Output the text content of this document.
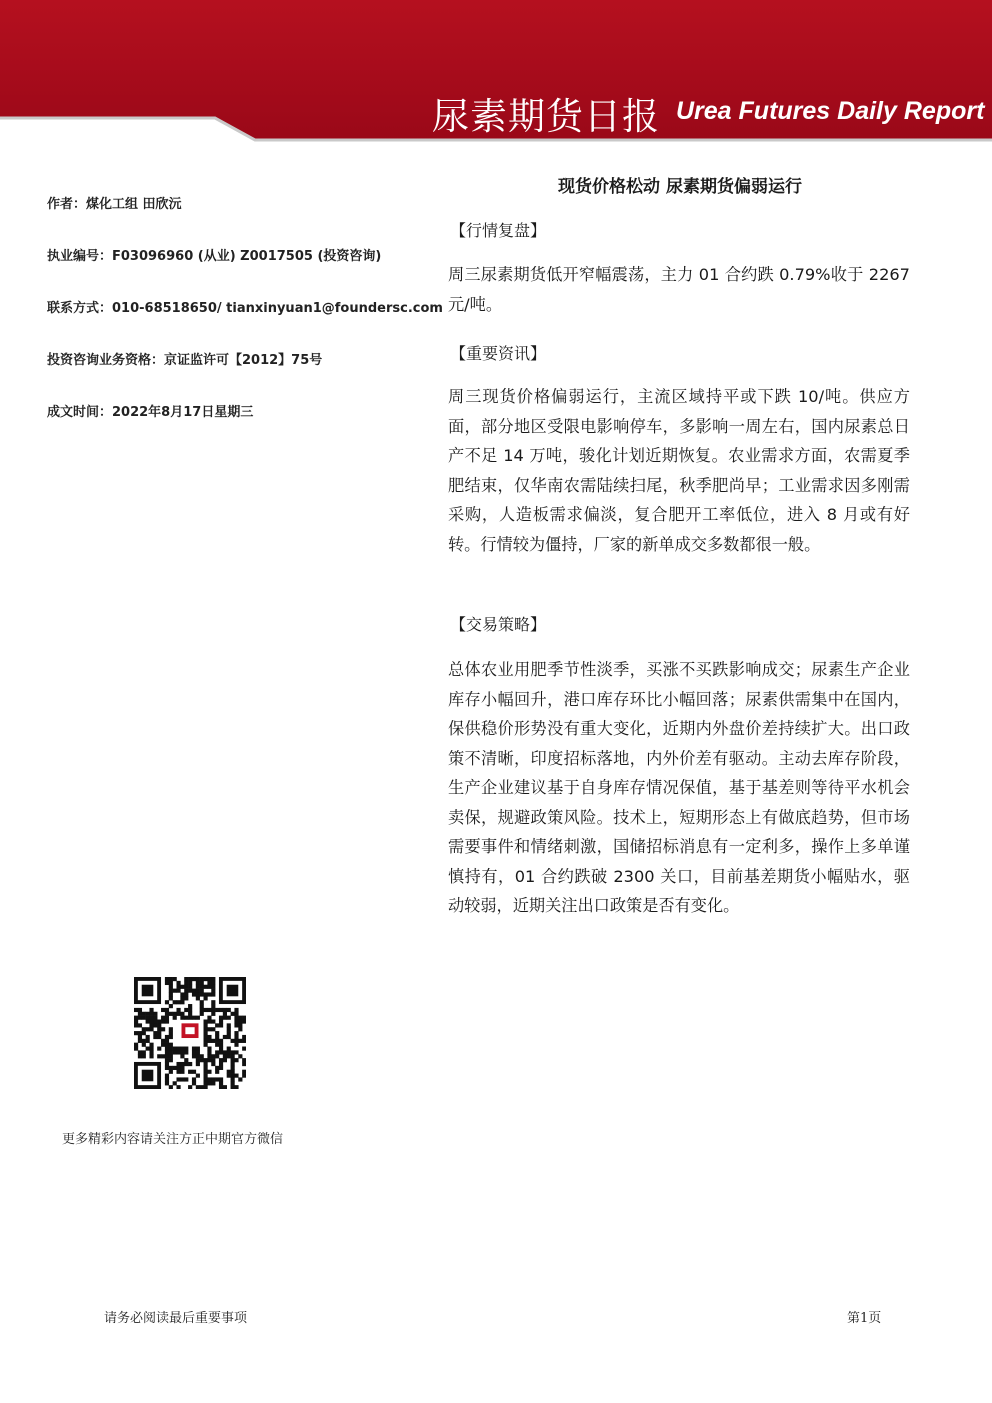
尿素期货日报 Urea Futures Daily Report
作者：煤化工组 田欣沅
执业编号：F03096960 (从业) Z0017505 (投资咨询)
联系方式：010-68518650/ tianxinyuan1@foundersc.com
投资咨询业务资格：京证监许可【2012】75号
成文时间：2022年8月17日星期三
现货价格松动 尿素期货偏弱运行
【行情复盘】
周三尿素期货低开窄幅震荡，主力 01 合约跌 0.79%收于 2267 元/吨。
【重要资讯】
周三现货价格偏弱运行，主流区域持平或下跌 10/吨。供应方面，部分地区受限电影响停车，多影响一周左右，国内尿素总日产不足 14 万吨，骏化计划近期恢复。农业需求方面，农需夏季肥结束，仅华南农需陆续扫尾，秋季肥尚早；工业需求因多刚需采购，人造板需求偏淡，复合肥开工率低位，进入 8 月或有好转。行情较为僵持，厂家的新单成交多数都很一般。
【交易策略】
总体农业用肥季节性淡季，买涨不买跌影响成交；尿素生产企业库存小幅回升，港口库存环比小幅回落；尿素供需集中在国内，保供稳价形势没有重大变化，近期内外盘价差持续扩大。出口政策不清晰，印度招标落地，内外价差有驱动。主动去库存阶段，生产企业建议基于自身库存情况保值，基于基差则等待平水机会卖保，规避政策风险。技术上，短期形态上有做底趋势，但市场需要事件和情绪刺激，国储招标消息有一定利多，操作上多单谨慎持有，01 合约跌破 2300 关口，目前基差期货小幅贴水，驱动较弱，近期关注出口政策是否有变化。
更多精彩内容请关注方正中期官方微信
请务必阅读最后重要事项	第1页
